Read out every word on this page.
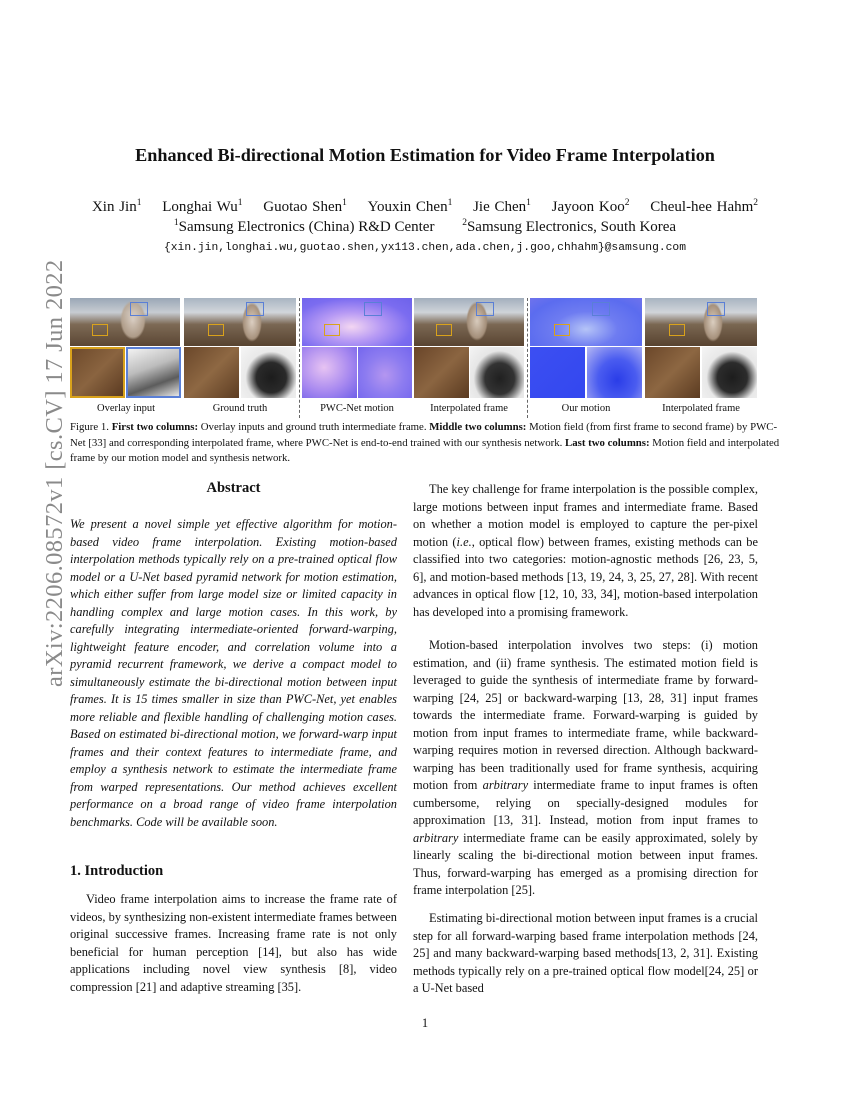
arXiv:2206.08572v1 [cs.CV] 17 Jun 2022
Enhanced Bi-directional Motion Estimation for Video Frame Interpolation
Xin Jin$^1$ Longhai Wu$^1$ Guotao Shen$^1$ Youxin Chen$^1$ Jie Chen$^1$ Jayoon Koo$^2$ Cheul-hee Hahm$^2$
$^1$Samsung Electronics (China) R&D Center	$^2$Samsung Electronics, South Korea
{xin.jin,longhai.wu,guotao.shen,yx113.chen,ada.chen,j.goo,chhahm}@samsung.com
Overlay input	Ground truth	PWC-Net motion	Interpolated frame	Our motion	Interpolated frame
Figure 1. First two columns: Overlay inputs and ground truth intermediate frame. Middle two columns: Motion field (from first frame to second frame) by PWC-Net [33] and corresponding interpolated frame, where PWC-Net is end-to-end trained with our synthesis network. Last two columns: Motion field and interpolated frame by our motion model and synthesis network.
Abstract

We present a novel simple yet effective algorithm for motion-based video frame interpolation. Existing motion-based interpolation methods typically rely on a pre-trained optical flow model or a U-Net based pyramid network for motion estimation, which either suffer from large model size or limited capacity in handling complex and large motion cases. In this work, by carefully integrating intermediate-oriented forward-warping, lightweight feature encoder, and correlation volume into a pyramid recurrent framework, we derive a compact model to simultaneously estimate the bi-directional motion between input frames. It is 15 times smaller in size than PWC-Net, yet enables more reliable and flexible handling of challenging motion cases. Based on estimated bi-directional motion, we forward-warp input frames and their context features to intermediate frame, and employ a synthesis network to estimate the intermediate frame from warped representations. Our method achieves excellent performance on a broad range of video frame interpolation benchmarks. Code will be available soon.

1. Introduction

Video frame interpolation aims to increase the frame rate of videos, by synthesizing non-existent intermediate frames between original successive frames. Increasing frame rate is not only beneficial for human perception [14], but also has wide applications including novel view synthesis [8], video compression [21] and adaptive streaming [35].

The key challenge for frame interpolation is the possible complex, large motions between input frames and intermediate frame. Based on whether a motion model is employed to capture the per-pixel motion (i.e., optical flow) between frames, existing methods can be classified into two categories: motion-agnostic methods [26, 23, 5, 6], and motion-based methods [13, 19, 24, 3, 25, 27, 28]. With recent advances in optical flow [12, 10, 33, 34], motion-based interpolation has developed into a promising framework.

Motion-based interpolation involves two steps: (i) motion estimation, and (ii) frame synthesis. The estimated motion field is leveraged to guide the synthesis of intermediate frame by forward-warping [24, 25] or backward-warping [13, 28, 31] input frames towards the intermediate frame. Forward-warping is guided by motion from input frames to intermediate frame, while backward-warping requires motion in reversed direction. Although backward-warping has been traditionally used for frame synthesis, acquiring motion from arbitrary intermediate frame to input frames is often cumbersome, relying on specially-designed modules for approximation [13, 31]. Instead, motion from input frames to arbitrary intermediate frame can be easily approximated, solely by linearly scaling the bi-directional motion between input frames. Thus, forward-warping has emerged as a promising direction for frame interpolation [25].

Estimating bi-directional motion between input frames is a crucial step for all forward-warping based frame interpolation methods [24, 25] and many backward-warping based methods[13, 2, 31]. Existing methods typically rely on a pre-trained optical flow model[24, 25] or a U-Net based

1
